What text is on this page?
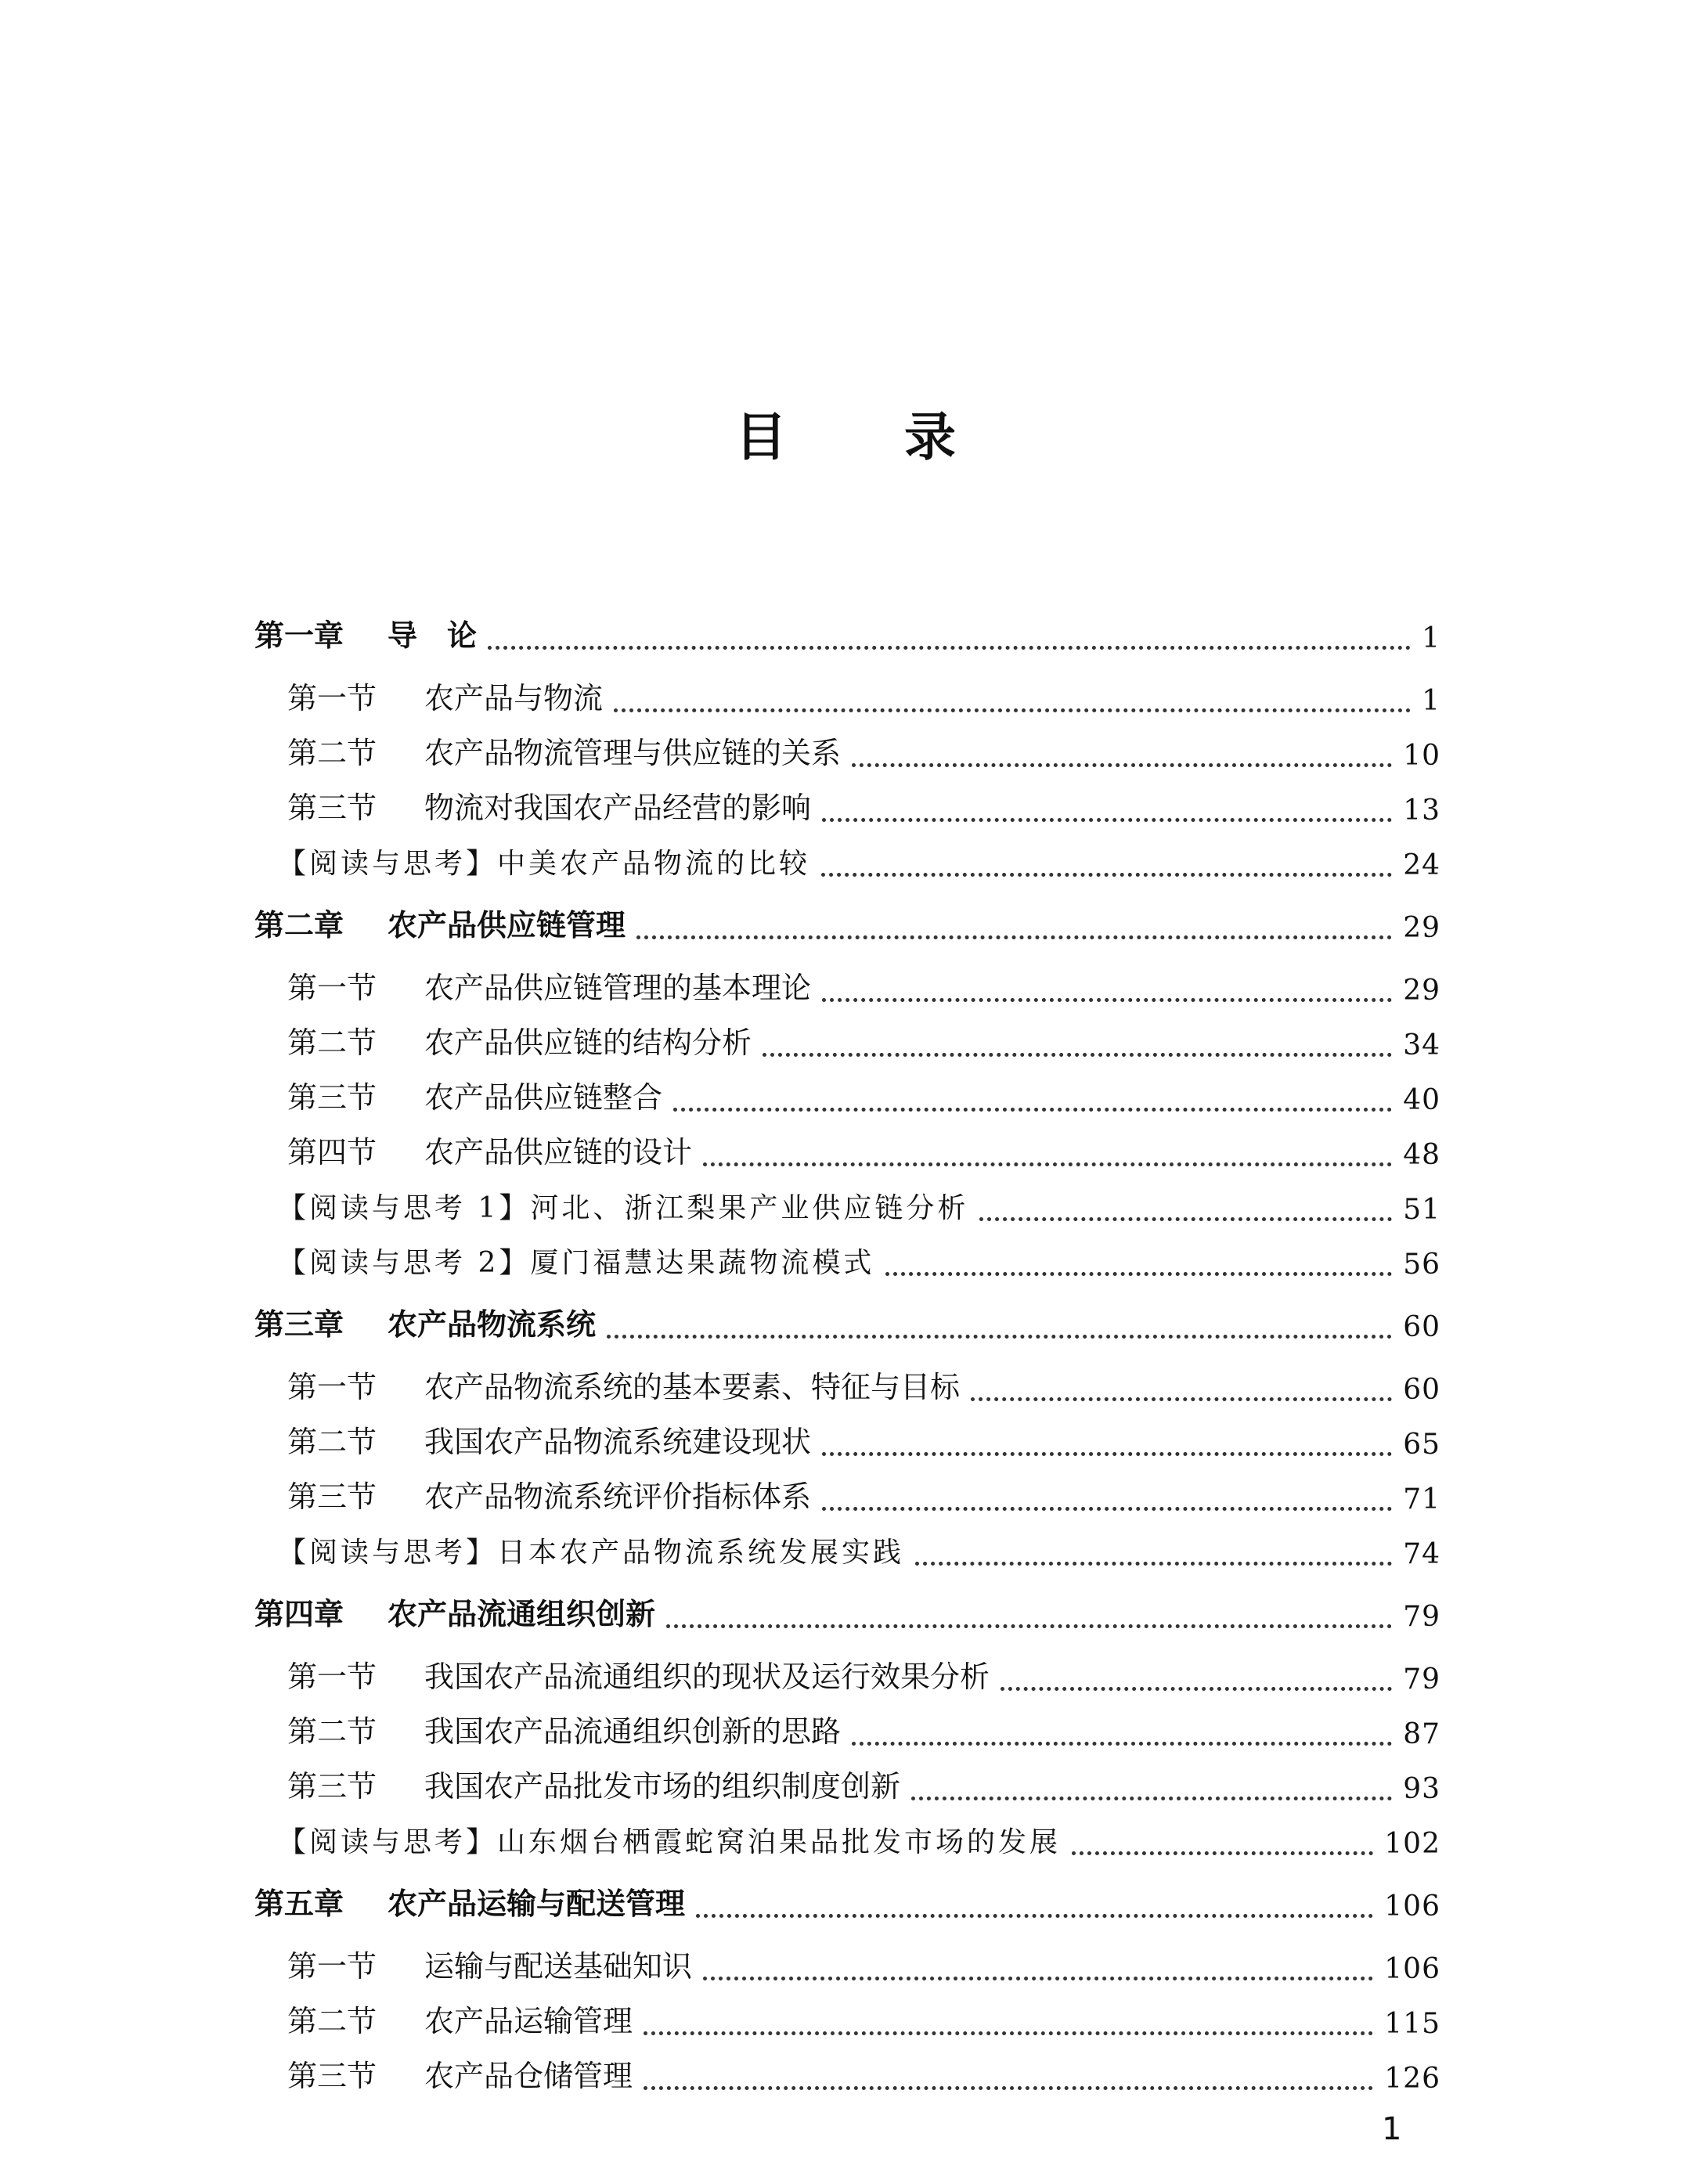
目 录
第一章	导　论	1
第一节	农产品与物流	1
第二节	农产品物流管理与供应链的关系	10
第三节	物流对我国农产品经营的影响	13
【阅读与思考】中美农产品物流的比较	24
第二章	农产品供应链管理	29
第一节	农产品供应链管理的基本理论	29
第二节	农产品供应链的结构分析	34
第三节	农产品供应链整合	40
第四节	农产品供应链的设计	48
【阅读与思考 1】河北、浙江梨果产业供应链分析	51
【阅读与思考 2】厦门福慧达果蔬物流模式	56
第三章	农产品物流系统	60
第一节	农产品物流系统的基本要素、特征与目标	60
第二节	我国农产品物流系统建设现状	65
第三节	农产品物流系统评价指标体系	71
【阅读与思考】日本农产品物流系统发展实践	74
第四章	农产品流通组织创新	79
第一节	我国农产品流通组织的现状及运行效果分析	79
第二节	我国农产品流通组织创新的思路	87
第三节	我国农产品批发市场的组织制度创新	93
【阅读与思考】山东烟台栖霞蛇窝泊果品批发市场的发展	102
第五章	农产品运输与配送管理	106
第一节	运输与配送基础知识	106
第二节	农产品运输管理	115
第三节	农产品仓储管理	126
1
